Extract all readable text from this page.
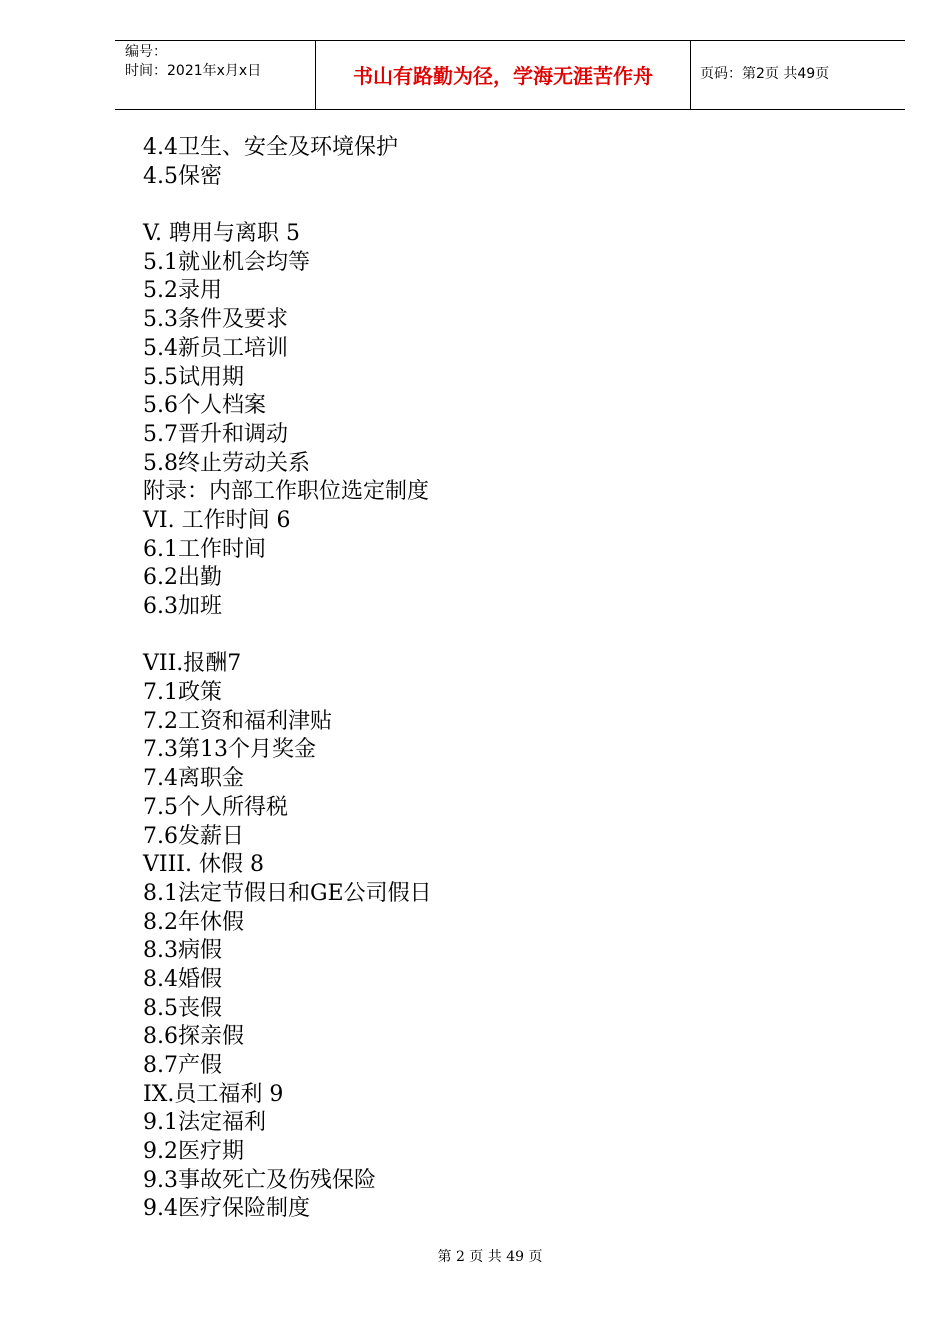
编号：
时间：2021年x月x日	书山有路勤为径，学海无涯苦作舟	页码：第2页 共49页
4.4卫生、安全及环境保护
4.5保密
V. 聘用与离职 5
5.1就业机会均等
5.2录用
5.3条件及要求
5.4新员工培训
5.5试用期
5.6个人档案
5.7晋升和调动
5.8终止劳动关系
附录：内部工作职位选定制度
VI. 工作时间 6
6.1工作时间
6.2出勤
6.3加班
VII.报酬7
7.1政策
7.2工资和福利津贴
7.3第13个月奖金
7.4离职金
7.5个人所得税
7.6发薪日
VIII. 休假 8
8.1法定节假日和GE公司假日
8.2年休假
8.3病假
8.4婚假
8.5丧假
8.6探亲假
8.7产假
IX.员工福利 9
9.1法定福利
9.2医疗期
9.3事故死亡及伤残保险
9.4医疗保险制度
第 2 页 共 49 页
